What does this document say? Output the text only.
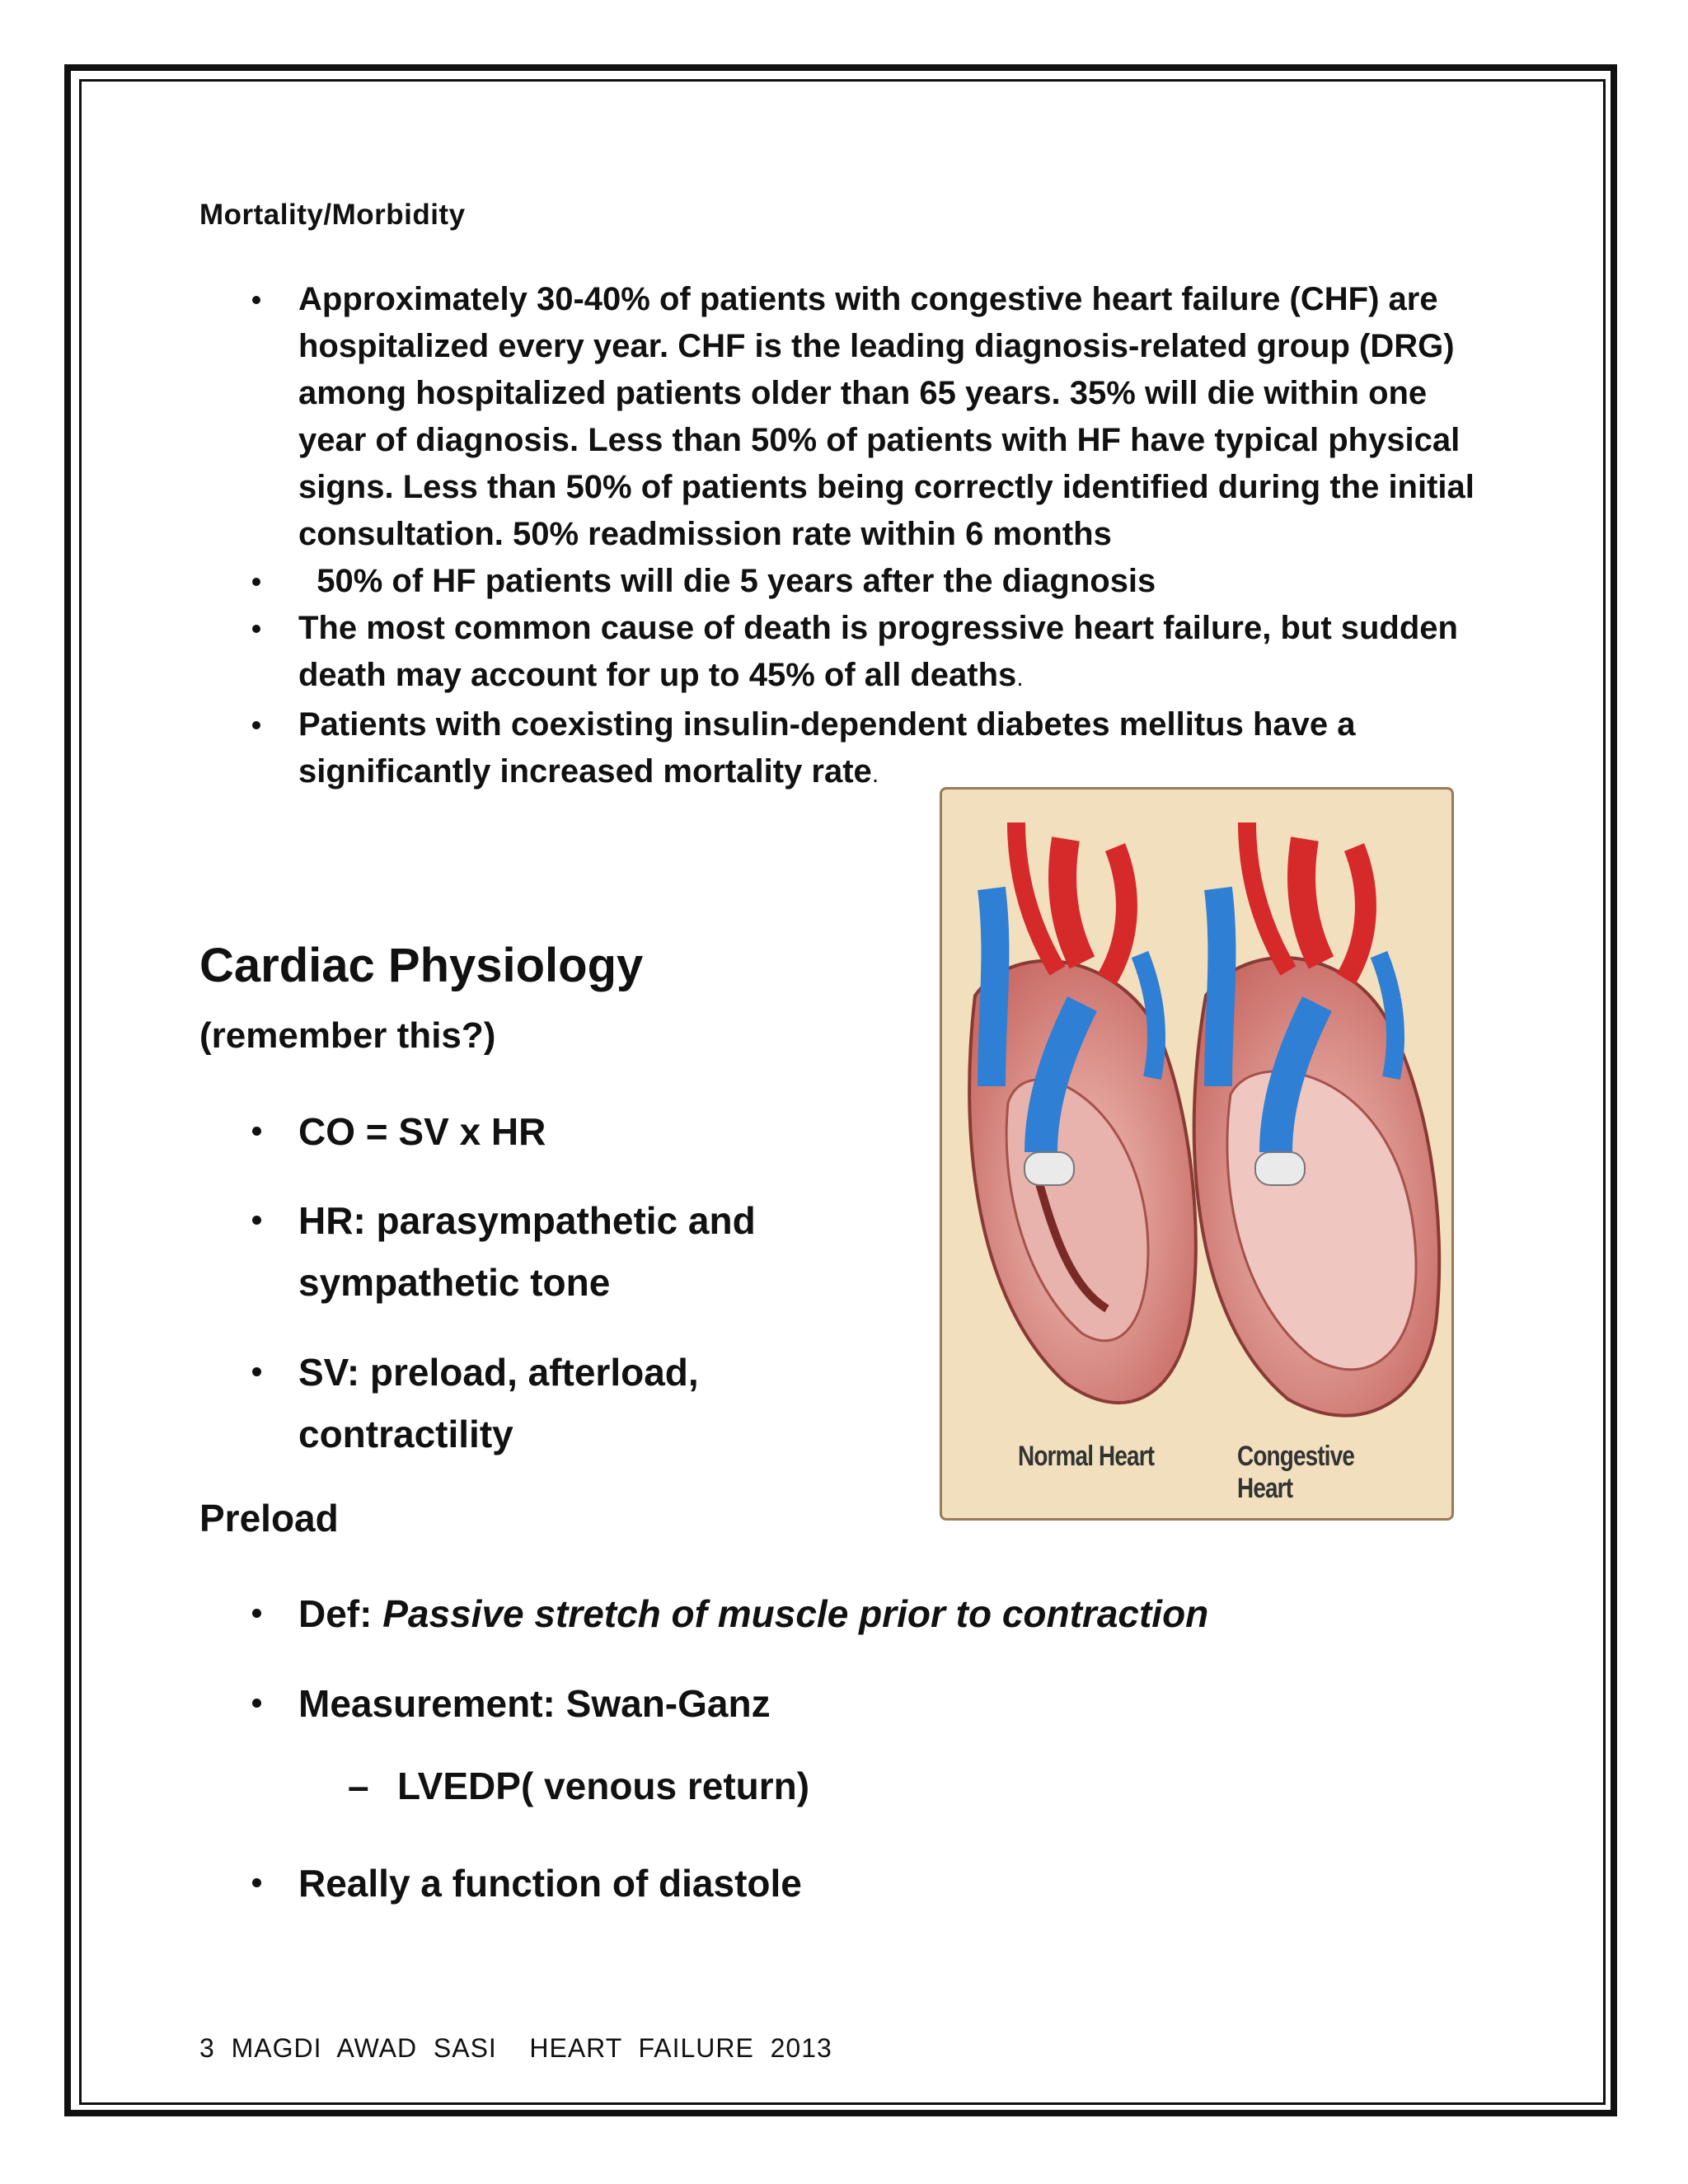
Mortality/Morbidity
Approximately 30-40% of patients with congestive heart failure (CHF) are
hospitalized every year. CHF is the leading diagnosis-related group (DRG)
among hospitalized patients older than 65 years. 35% will die within one
year of diagnosis. Less than 50% of patients with HF have typical physical
signs. Less than 50% of patients being correctly identified during the initial
consultation. 50% readmission rate within 6 months
50% of HF patients will die 5 years after the diagnosis
The most common cause of death is progressive heart failure, but sudden
death may account for up to 45% of all deaths.
Patients with coexisting insulin-dependent diabetes mellitus have a
significantly increased mortality rate.
Cardiac Physiology
(remember this?)
CO = SV x HR
HR: parasympathetic and
sympathetic tone
SV: preload, afterload,
contractility
Preload
Def: Passive stretch of muscle prior to contraction
Measurement: Swan-Ganz
– LVEDP( venous return)
Really a function of diastole
Normal Heart	Congestive Heart
3  MAGDI  AWAD  SASI    HEART  FAILURE  2013
